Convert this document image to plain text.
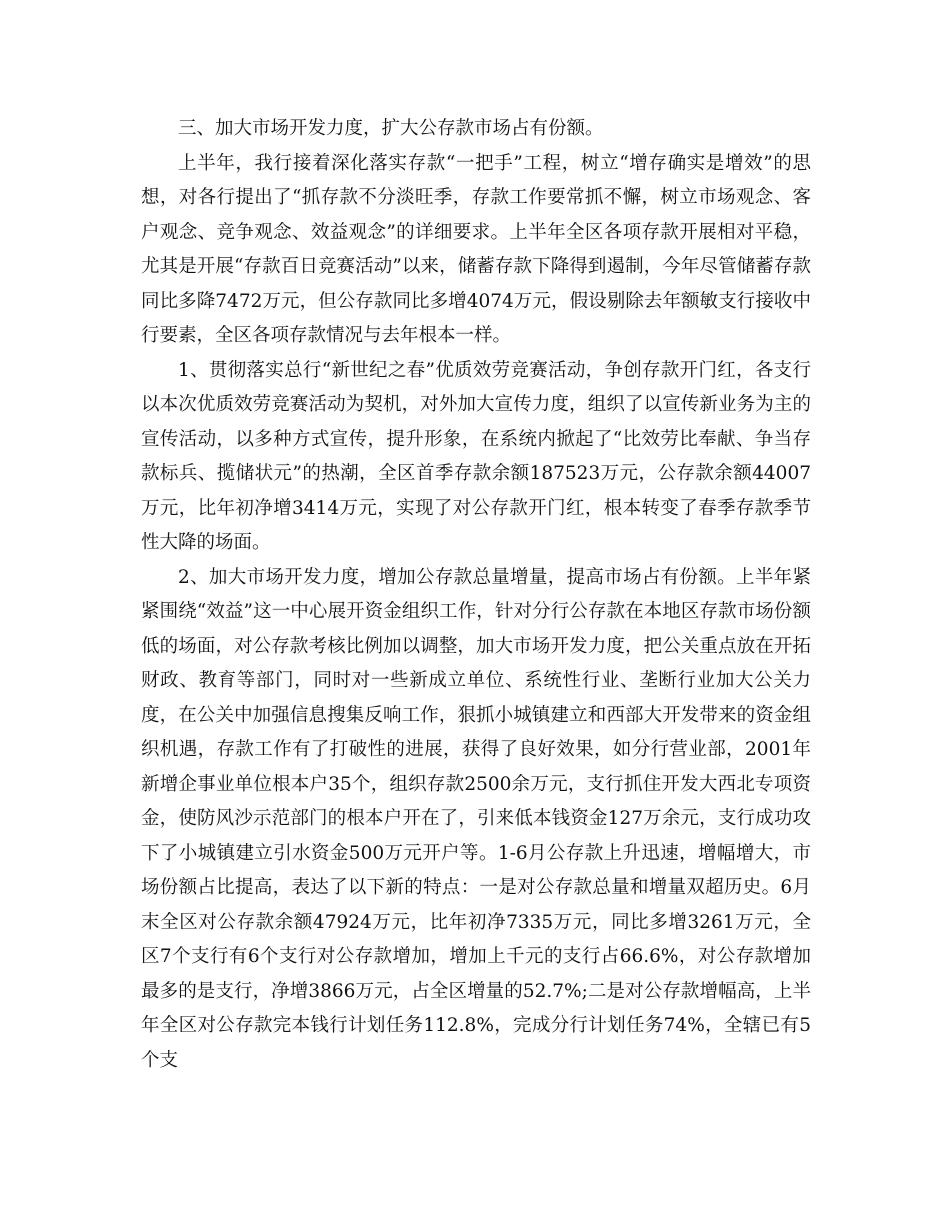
三、加大市场开发力度，扩大公存款市场占有份额。

上半年，我行接着深化落实存款“一把手”工程，树立“增存确实是增效”的思想，对各行提出了“抓存款不分淡旺季，存款工作要常抓不懈，树立市场观念、客户观念、竞争观念、效益观念”的详细要求。上半年全区各项存款开展相对平稳，尤其是开展“存款百日竞赛活动”以来，储蓄存款下降得到遏制，今年尽管储蓄存款同比多降7472万元，但公存款同比多增4074万元，假设剔除去年额敏支行接收中行要素，全区各项存款情况与去年根本一样。

1、贯彻落实总行“新世纪之春”优质效劳竞赛活动，争创存款开门红，各支行以本次优质效劳竞赛活动为契机，对外加大宣传力度，组织了以宣传新业务为主的宣传活动，以多种方式宣传，提升形象，在系统内掀起了“比效劳比奉献、争当存款标兵、揽储状元”的热潮，全区首季存款余额187523万元，公存款余额44007万元，比年初净增3414万元，实现了对公存款开门红，根本转变了春季存款季节性大降的场面。

2、加大市场开发力度，增加公存款总量增量，提高市场占有份额。上半年紧紧围绕“效益”这一中心展开资金组织工作，针对分行公存款在本地区存款市场份额低的场面，对公存款考核比例加以调整，加大市场开发力度，把公关重点放在开拓财政、教育等部门，同时对一些新成立单位、系统性行业、垄断行业加大公关力度，在公关中加强信息搜集反响工作，狠抓小城镇建立和西部大开发带来的资金组织机遇，存款工作有了打破性的进展，获得了良好效果，如分行营业部，2001年新增企事业单位根本户35个，组织存款2500余万元，支行抓住开发大西北专项资金，使防风沙示范部门的根本户开在了，引来低本钱资金127万余元，支行成功攻下了小城镇建立引水资金500万元开户等。1-6月公存款上升迅速，增幅增大，市场份额占比提高，表达了以下新的特点：一是对公存款总量和增量双超历史。6月末全区对公存款余额47924万元，比年初净7335万元，同比多增3261万元，全区7个支行有6个支行对公存款增加，增加上千元的支行占66.6%，对公存款增加最多的是支行，净增3866万元，占全区增量的52.7%;二是对公存款增幅高，上半年全区对公存款完本钱行计划任务112.8%，完成分行计划任务74%，全辖已有5个支
